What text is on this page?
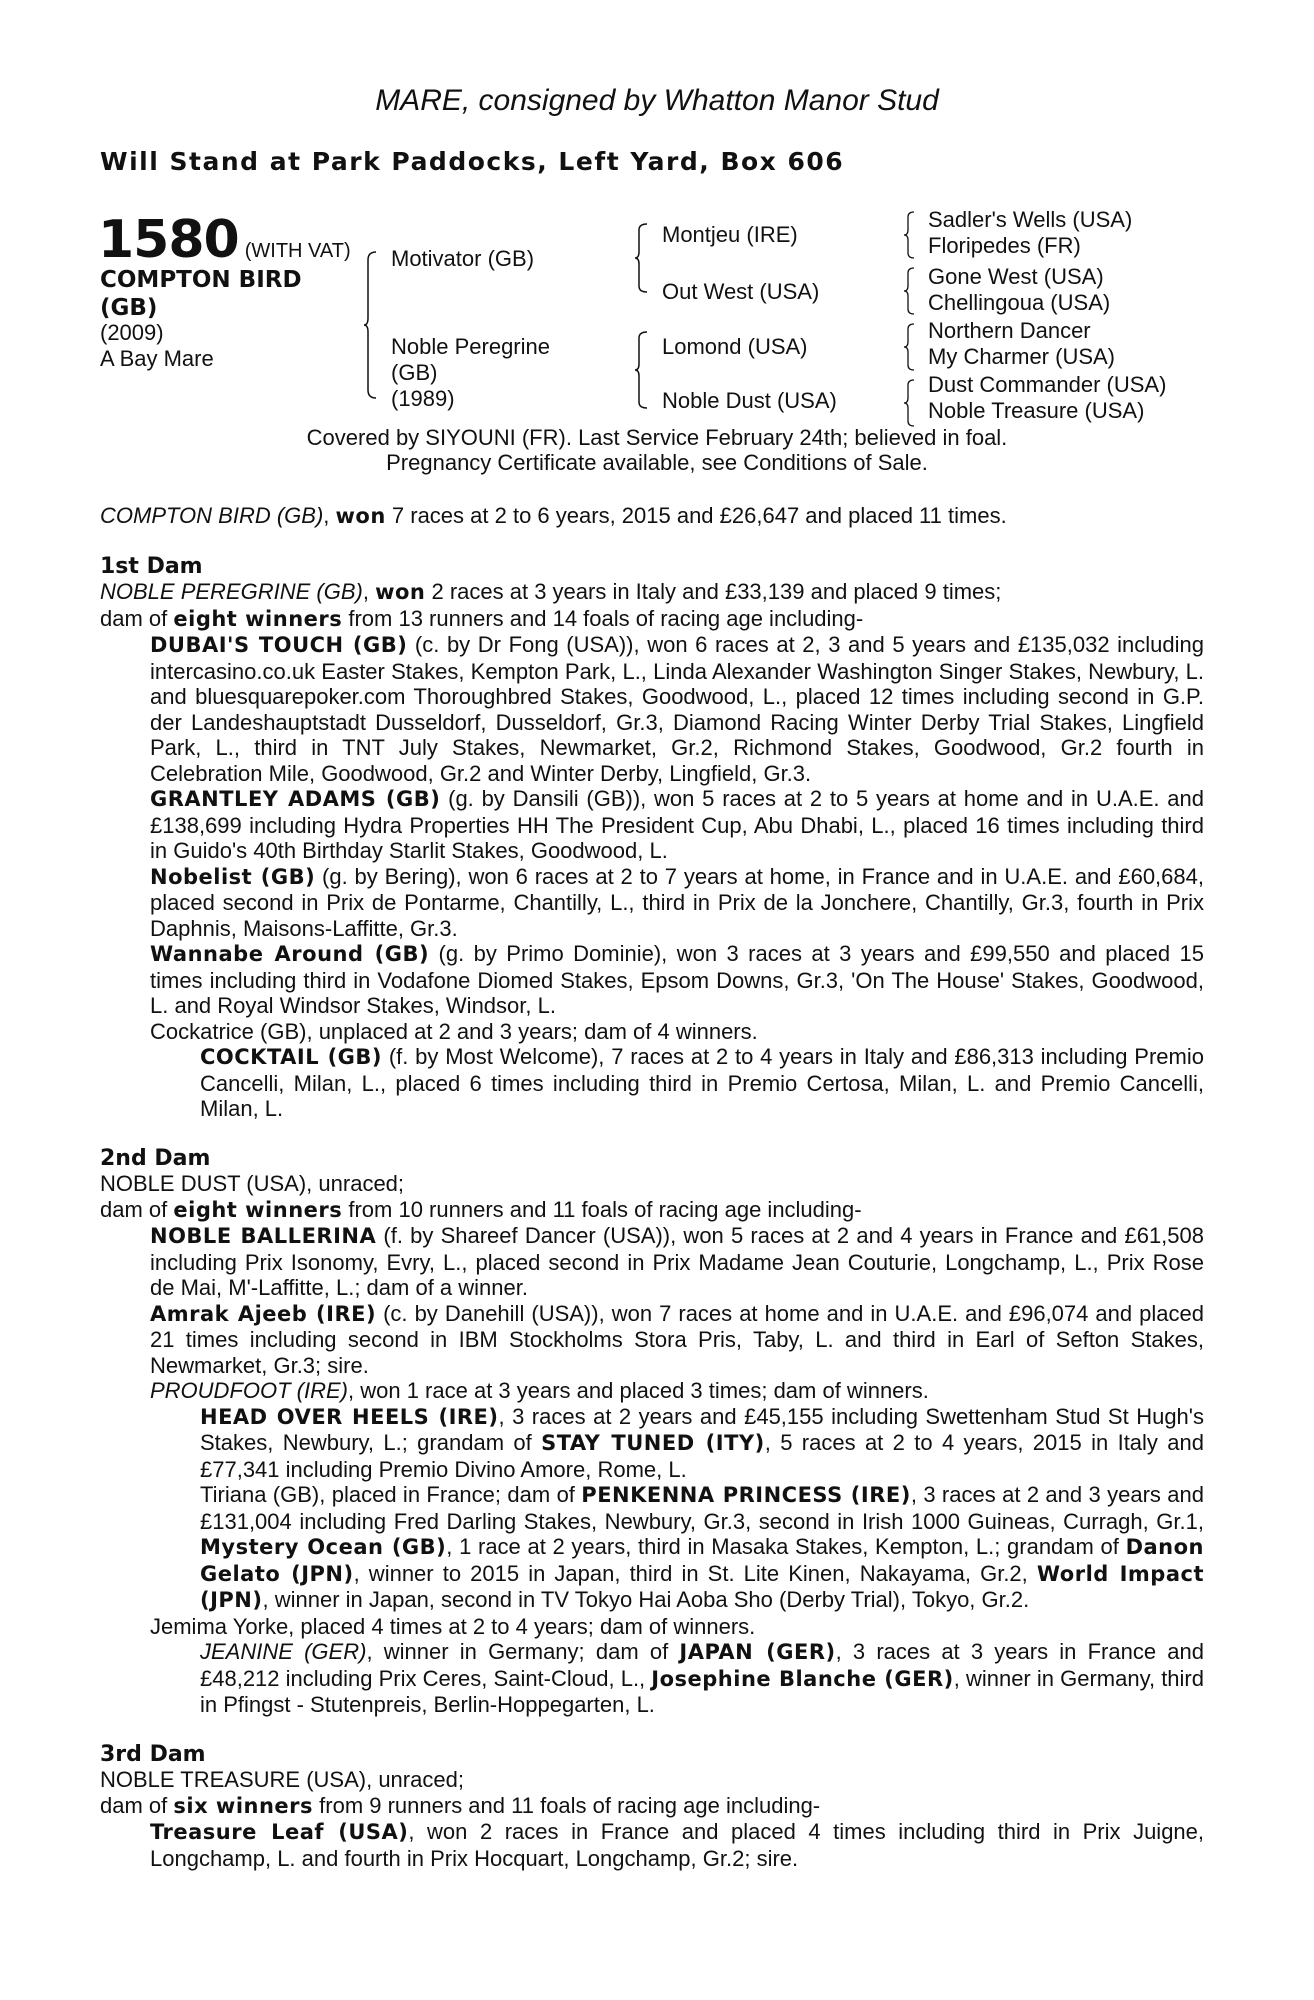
MARE, consigned by Whatton Manor Stud
Will Stand at Park Paddocks, Left Yard, Box 606
1580 (WITH VAT)
COMPTON BIRD (GB)
(2009)
A Bay Mare
Motivator (GB)
Noble Peregrine
(GB)
(1989)
Montjeu (IRE)
Out West (USA)
Lomond (USA)
Noble Dust (USA)
Sadler's Wells (USA)
Floripedes (FR)
Gone West (USA)
Chellingoua (USA)
Northern Dancer
My Charmer (USA)
Dust Commander (USA)
Noble Treasure (USA)
Covered by SIYOUNI (FR). Last Service February 24th; believed in foal.
Pregnancy Certificate available, see Conditions of Sale.
COMPTON BIRD (GB), won 7 races at 2 to 6 years, 2015 and £26,647 and placed 11 times.
1st Dam
NOBLE PEREGRINE (GB), won 2 races at 3 years in Italy and £33,139 and placed 9 times;
dam of eight winners from 13 runners and 14 foals of racing age including-
DUBAI'S TOUCH (GB) (c. by Dr Fong (USA)), won 6 races at 2, 3 and 5 years and £135,032 including intercasino.co.uk Easter Stakes, Kempton Park, L., Linda Alexander Washington Singer Stakes, Newbury, L. and bluesquarepoker.com Thoroughbred Stakes, Goodwood, L., placed 12 times including second in G.P. der Landeshauptstadt Dusseldorf, Dusseldorf, Gr.3, Diamond Racing Winter Derby Trial Stakes, Lingfield Park, L., third in TNT July Stakes, Newmarket, Gr.2, Richmond Stakes, Goodwood, Gr.2 fourth in Celebration Mile, Goodwood, Gr.2 and Winter Derby, Lingfield, Gr.3.
GRANTLEY ADAMS (GB) (g. by Dansili (GB)), won 5 races at 2 to 5 years at home and in U.A.E. and £138,699 including Hydra Properties HH The President Cup, Abu Dhabi, L., placed 16 times including third in Guido's 40th Birthday Starlit Stakes, Goodwood, L.
Nobelist (GB) (g. by Bering), won 6 races at 2 to 7 years at home, in France and in U.A.E. and £60,684, placed second in Prix de Pontarme, Chantilly, L., third in Prix de la Jonchere, Chantilly, Gr.3, fourth in Prix Daphnis, Maisons-Laffitte, Gr.3.
Wannabe Around (GB) (g. by Primo Dominie), won 3 races at 3 years and £99,550 and placed 15 times including third in Vodafone Diomed Stakes, Epsom Downs, Gr.3, 'On The House' Stakes, Goodwood, L. and Royal Windsor Stakes, Windsor, L.
Cockatrice (GB), unplaced at 2 and 3 years; dam of 4 winners.
COCKTAIL (GB) (f. by Most Welcome), 7 races at 2 to 4 years in Italy and £86,313 including Premio Cancelli, Milan, L., placed 6 times including third in Premio Certosa, Milan, L. and Premio Cancelli, Milan, L.
2nd Dam
NOBLE DUST (USA), unraced;
dam of eight winners from 10 runners and 11 foals of racing age including-
NOBLE BALLERINA (f. by Shareef Dancer (USA)), won 5 races at 2 and 4 years in France and £61,508 including Prix Isonomy, Evry, L., placed second in Prix Madame Jean Couturie, Longchamp, L., Prix Rose de Mai, M'-Laffitte, L.; dam of a winner.
Amrak Ajeeb (IRE) (c. by Danehill (USA)), won 7 races at home and in U.A.E. and £96,074 and placed 21 times including second in IBM Stockholms Stora Pris, Taby, L. and third in Earl of Sefton Stakes, Newmarket, Gr.3; sire.
PROUDFOOT (IRE), won 1 race at 3 years and placed 3 times; dam of winners.
HEAD OVER HEELS (IRE), 3 races at 2 years and £45,155 including Swettenham Stud St Hugh's Stakes, Newbury, L.; grandam of STAY TUNED (ITY), 5 races at 2 to 4 years, 2015 in Italy and £77,341 including Premio Divino Amore, Rome, L.
Tiriana (GB), placed in France; dam of PENKENNA PRINCESS (IRE), 3 races at 2 and 3 years and £131,004 including Fred Darling Stakes, Newbury, Gr.3, second in Irish 1000 Guineas, Curragh, Gr.1, Mystery Ocean (GB), 1 race at 2 years, third in Masaka Stakes, Kempton, L.; grandam of Danon Gelato (JPN), winner to 2015 in Japan, third in St. Lite Kinen, Nakayama, Gr.2, World Impact (JPN), winner in Japan, second in TV Tokyo Hai Aoba Sho (Derby Trial), Tokyo, Gr.2.
Jemima Yorke, placed 4 times at 2 to 4 years; dam of winners.
JEANINE (GER), winner in Germany; dam of JAPAN (GER), 3 races at 3 years in France and £48,212 including Prix Ceres, Saint-Cloud, L., Josephine Blanche (GER), winner in Germany, third in Pfingst - Stutenpreis, Berlin-Hoppegarten, L.
3rd Dam
NOBLE TREASURE (USA), unraced;
dam of six winners from 9 runners and 11 foals of racing age including-
Treasure Leaf (USA), won 2 races in France and placed 4 times including third in Prix Juigne, Longchamp, L. and fourth in Prix Hocquart, Longchamp, Gr.2; sire.
